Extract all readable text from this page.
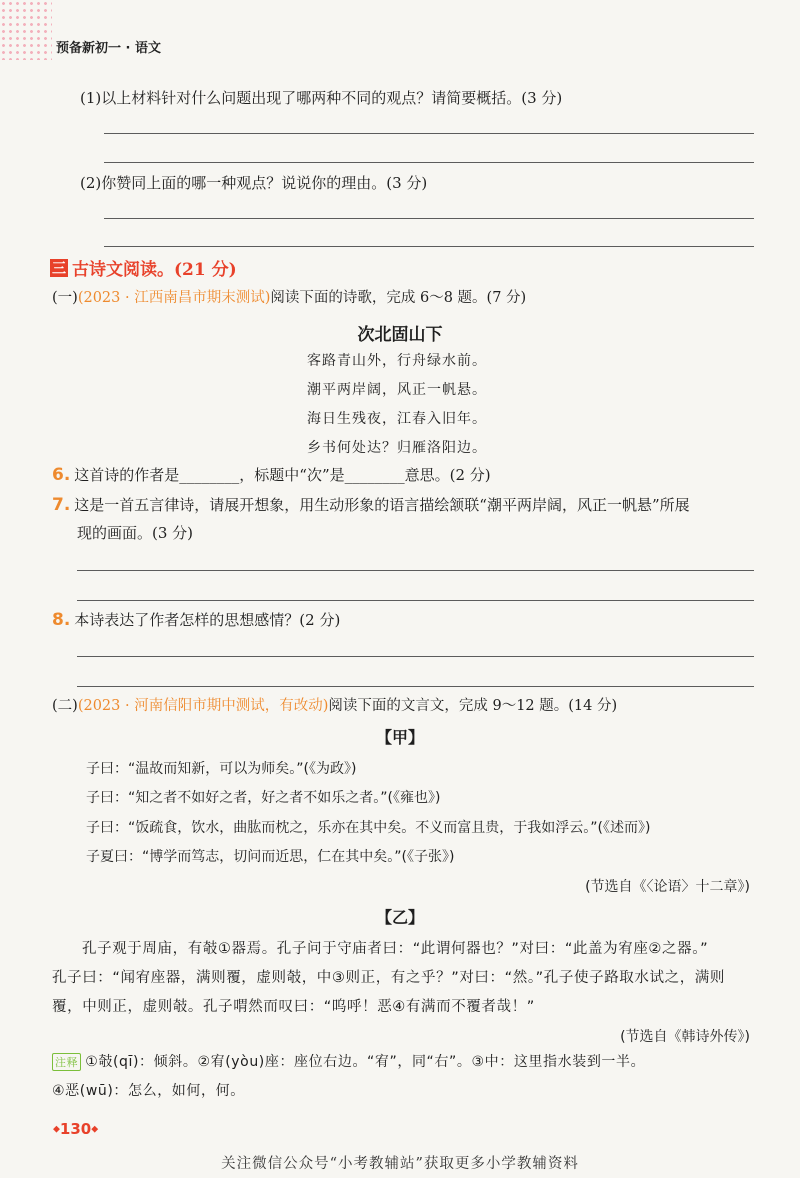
预备新初一 · 语文
(1)以上材料针对什么问题出现了哪两种不同的观点？请简要概括。(3 分)
(2)你赞同上面的哪一种观点？说说你的理由。(3 分)
三 古诗文阅读。(21 分)
(一)(2023 · 江西南昌市期末测试)阅读下面的诗歌，完成 6～8 题。(7 分)
次北固山下
客路青山外，行舟绿水前。
潮平两岸阔，风正一帆悬。
海日生残夜，江春入旧年。
乡书何处达？归雁洛阳边。
6. 这首诗的作者是________，标题中“次”是________意思。(2 分)
7. 这是一首五言律诗，请展开想象，用生动形象的语言描绘颔联“潮平两岸阔，风正一帆悬”所展
现的画面。(3 分)
8. 本诗表达了作者怎样的思想感情？(2 分)
(二)(2023 · 河南信阳市期中测试，有改动)阅读下面的文言文，完成 9～12 题。(14 分)
【甲】
子曰：“温故而知新，可以为师矣。”(《为政》)
子曰：“知之者不如好之者，好之者不如乐之者。”(《雍也》)
子曰：“饭疏食，饮水，曲肱而枕之，乐亦在其中矣。不义而富且贵，于我如浮云。”(《述而》)
子夏曰：“博学而笃志，切问而近思，仁在其中矣。”(《子张》)
(节选自《〈论语〉十二章》)
【乙】
孔子观于周庙，有攲①器焉。孔子问于守庙者曰：“此谓何器也？”对曰：“此盖为宥座②之器。”
孔子曰：“闻宥座器，满则覆，虚则攲，中③则正，有之乎？”对曰：“然。”孔子使子路取水试之，满则
覆，中则正，虚则攲。孔子喟然而叹曰：“呜呼！恶④有满而不覆者哉！”
(节选自《韩诗外传》)
注释 ①攲(qī)：倾斜。②宥(yòu)座：座位右边。“宥”，同“右”。③中：这里指水装到一半。
④恶(wū)：怎么，如何，何。
◆130◆
关注微信公众号“小考教辅站”获取更多小学教辅资料
